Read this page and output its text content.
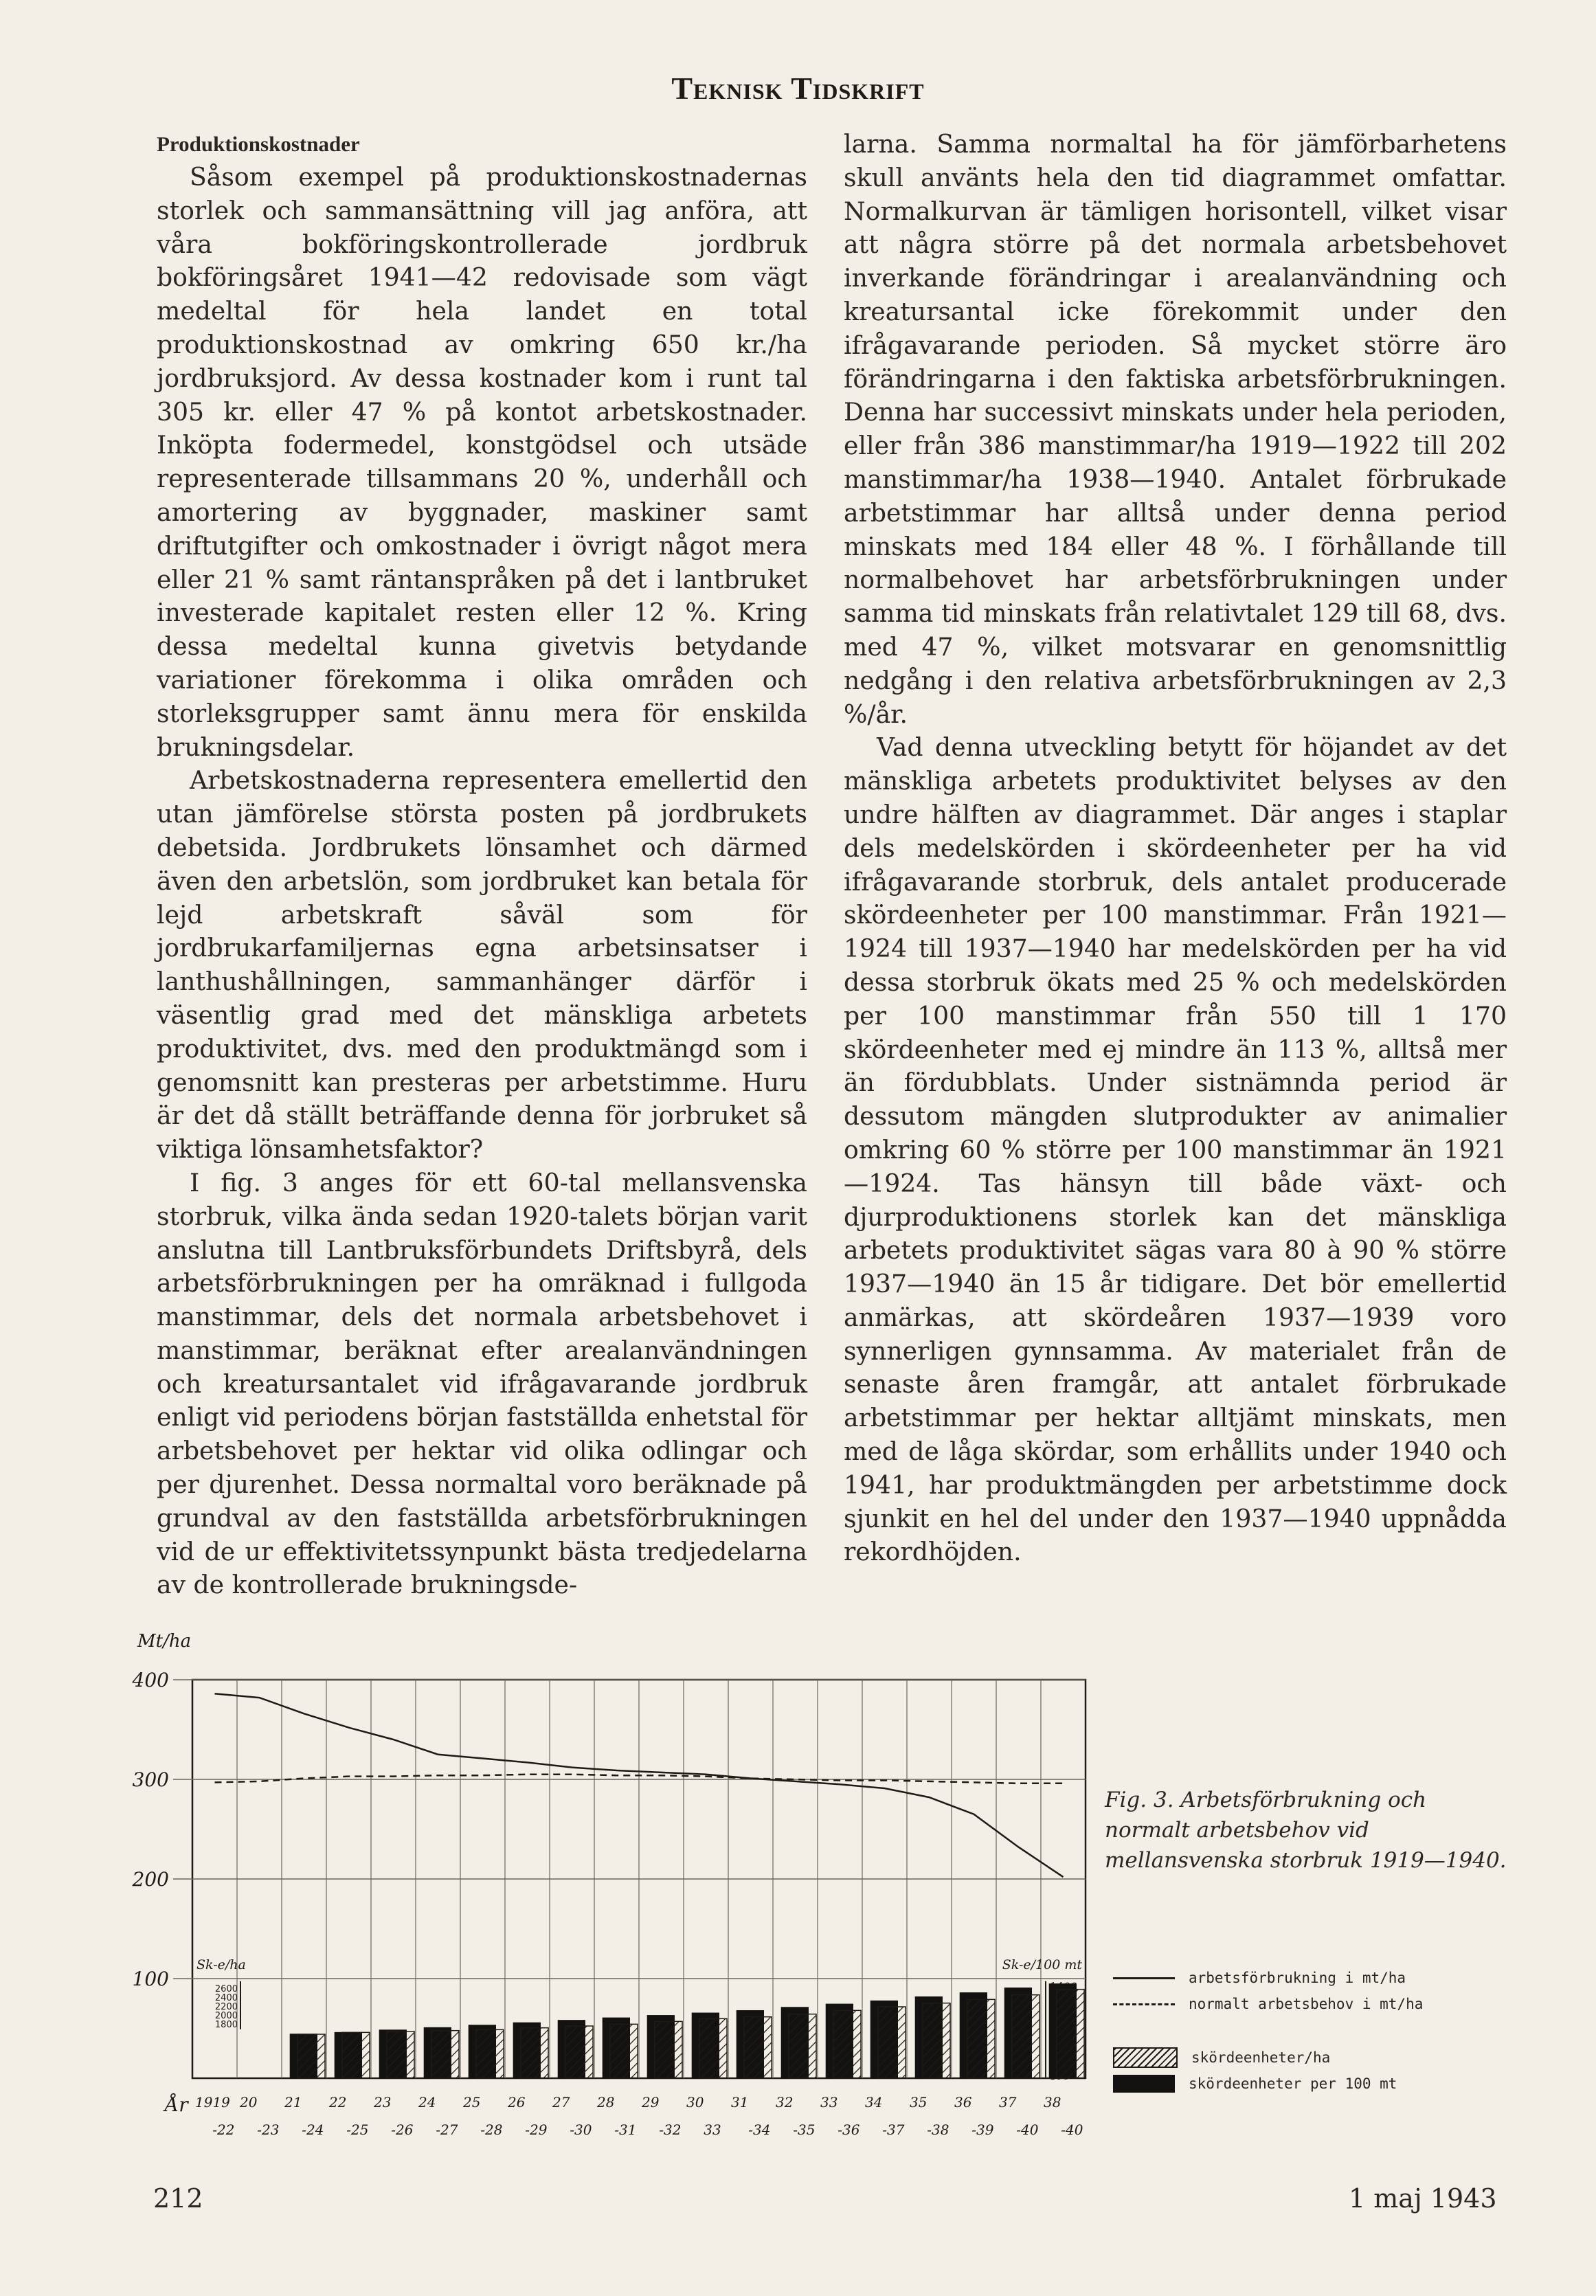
Teknisk Tidskrift

Produktionskostnader

Såsom exempel på produktionskostnadernas storlek och sammansättning vill jag anföra, att våra bokföringskontrollerade jordbruk bokföringsåret 1941—42 redovisade som vägt medeltal för hela landet en total produktionskostnad av omkring 650 kr./ha jordbruksjord. Av dessa kostnader kom i runt tal 305 kr. eller 47 % på kontot arbetskostnader. Inköpta fodermedel, konstgödsel och utsäde representerade tillsammans 20 %, underhåll och amortering av byggnader, maskiner samt driftutgifter och omkostnader i övrigt något mera eller 21 % samt räntanspråken på det i lantbruket investerade kapitalet resten eller 12 %. Kring dessa medeltal kunna givetvis betydande variationer förekomma i olika områden och storleksgrupper samt ännu mera för enskilda brukningsdelar.

Arbetskostnaderna representera emellertid den utan jämförelse största posten på jordbrukets debetsida. Jordbrukets lönsamhet och därmed även den arbetslön, som jordbruket kan betala för lejd arbetskraft såväl som för jordbrukarfamiljernas egna arbetsinsatser i lanthushållningen, sammanhänger därför i väsentlig grad med det mänskliga arbetets produktivitet, dvs. med den produktmängd som i genomsnitt kan presteras per arbetstimme. Huru är det då ställt beträffande denna för jorbruket så viktiga lönsamhetsfaktor?

I fig. 3 anges för ett 60-tal mellansvenska storbruk, vilka ända sedan 1920-talets början varit anslutna till Lantbruksförbundets Driftsbyrå, dels arbetsförbrukningen per ha omräknad i fullgoda manstimmar, dels det normala arbetsbehovet i manstimmar, beräknat efter arealanvändningen och kreatursantalet vid ifrågavarande jordbruk enligt vid periodens början fastställda enhetstal för arbetsbehovet per hektar vid olika odlingar och per djurenhet. Dessa normaltal voro beräknade på grundval av den fastställda arbetsförbrukningen vid de ur effektivitetssynpunkt bästa tredjedelarna av de kontrollerade brukningsde-

larna. Samma normaltal ha för jämförbarhetens skull använts hela den tid diagrammet omfattar. Normalkurvan är tämligen horisontell, vilket visar att några större på det normala arbetsbehovet inverkande förändringar i arealanvändning och kreatursantal icke förekommit under den ifrågavarande perioden. Så mycket större äro förändringarna i den faktiska arbetsförbrukningen. Denna har successivt minskats under hela perioden, eller från 386 manstimmar/ha 1919—1922 till 202 manstimmar/ha 1938—1940. Antalet förbrukade arbetstimmar har alltså under denna period minskats med 184 eller 48 %. I förhållande till normalbehovet har arbetsförbrukningen under samma tid minskats från relativtalet 129 till 68, dvs. med 47 %, vilket motsvarar en genomsnittlig nedgång i den relativa arbetsförbrukningen av 2,3 %/år.

Vad denna utveckling betytt för höjandet av det mänskliga arbetets produktivitet belyses av den undre hälften av diagrammet. Där anges i staplar dels medelskörden i skördeenheter per ha vid ifrågavarande storbruk, dels antalet producerade skördeenheter per 100 manstimmar. Från 1921—1924 till 1937—1940 har medelskörden per ha vid dessa storbruk ökats med 25 % och medelskörden per 100 manstimmar från 550 till 1 170 skördeenheter med ej mindre än 113 %, alltså mer än fördubblats. Under sistnämnda period är dessutom mängden slutprodukter av animalier omkring 60 % större per 100 manstimmar än 1921—1924. Tas hänsyn till både växt- och djurproduktionens storlek kan det mänskliga arbetets produktivitet sägas vara 80 à 90 % större 1937—1940 än 15 år tidigare. Det bör emellertid anmärkas, att skördeåren 1937—1939 voro synnerligen gynnsamma. Av materialet från de senaste åren framgår, att antalet förbrukade arbetstimmar per hektar alltjämt minskats, men med de låga skördar, som erhållits under 1940 och 1941, har produktmängden per arbetstimme dock sjunkit en hel del under den 1937—1940 uppnådda rekordhöjden.

400
300
200
100
Mt/ha
Sk-e/ha
2600
2400
2200
2000
1800
Sk-e/100 mt
År 1919
-22
20
-23
21
-24
22
-25
23
-26
24
-27
25
-28
26
-29
27
-30
28
-31
29
-32
30
33
31
-34
32
-35
33
-36
34
-37
35
-38
36
-39
37
-40
38
-40
Fig. 3. Arbetsförbrukning och normalt arbetsbehov vid mellansvenska storbruk 1919—1940.
arbetsförbrukning i mt/ha
normalt arbetsbehov i mt/ha
skördeenheter/ha
skördeenheter per 100 mt
212	1 maj 1943
